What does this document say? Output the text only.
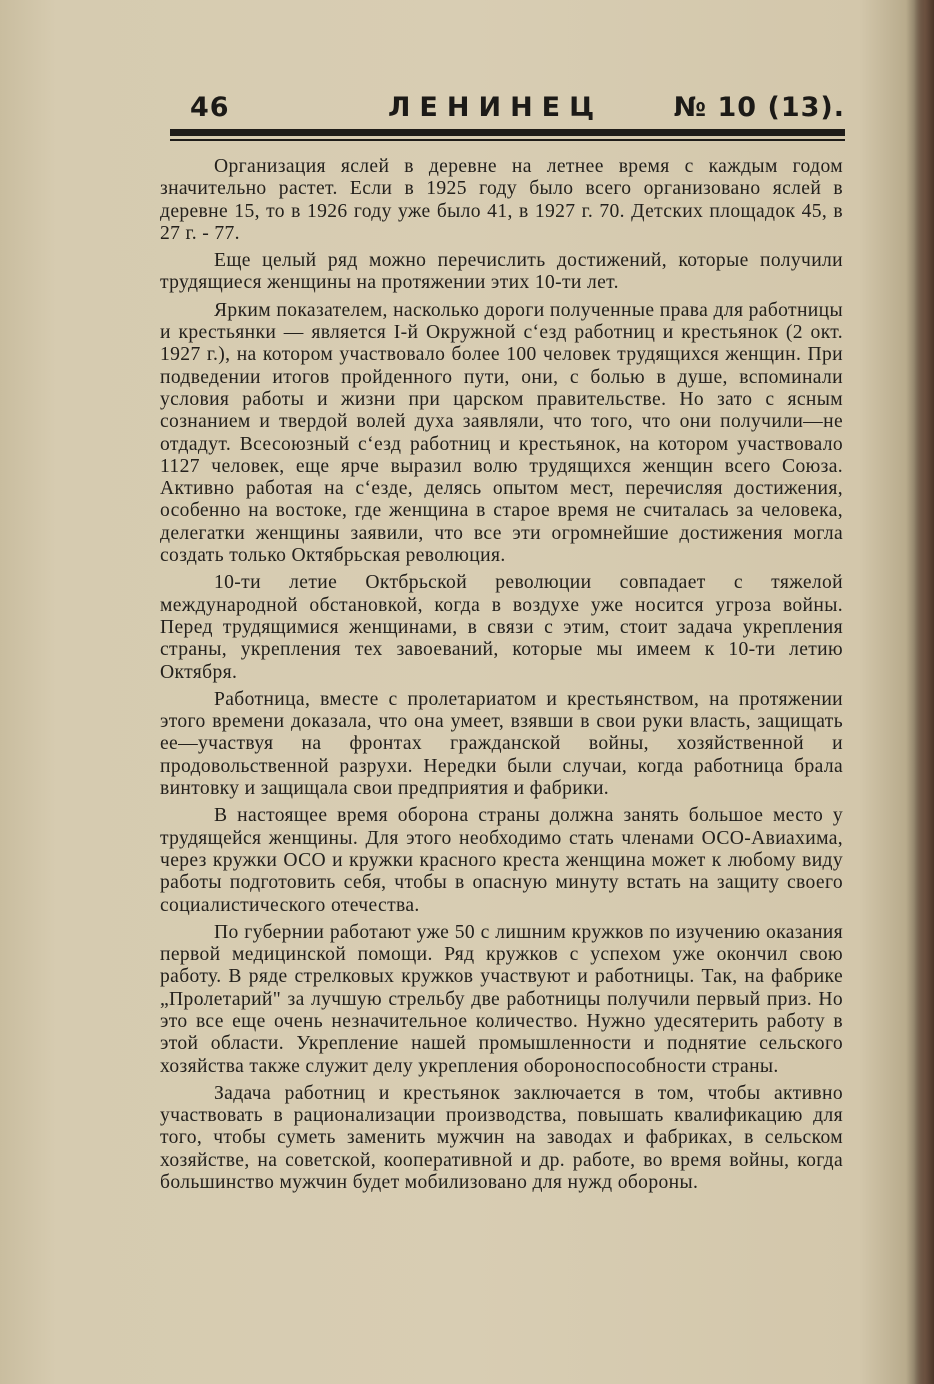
46	ЛЕНИНЕЦ	№ 10 (13).

Организация яслей в деревне на летнее время с каждым годом значительно растет. Если в 1925 году было всего организовано яслей в деревне 15, то в 1926 году уже было 41, в 1927 г. 70. Детских площадок 45, в 27 г. - 77.

Еще целый ряд можно перечислить достижений, которые получили трудящиеся женщины на протяжении этих 10-ти лет.

Ярким показателем, насколько дороги полученные права для работницы и крестьянки — является I-й Окружной сʻезд работниц и крестьянок (2 окт. 1927 г.), на котором участвовало более 100 человек трудящихся женщин. При подведении итогов пройденного пути, они, с болью в душе, вспоминали условия работы и жизни при царском правительстве. Но зато с ясным сознанием и твердой волей духа заявляли, что того, что они получили—не отдадут. Всесоюзный сʻезд работниц и крестьянок, на котором участвовало 1127 человек, еще ярче выразил волю трудящихся женщин всего Союза. Активно работая на сʻезде, делясь опытом мест, перечисляя достижения, особенно на востоке, где женщина в старое время не считалась за человека, делегатки женщины заявили, что все эти огромнейшие достижения могла создать только Октябрьская революция.

10-ти летие Октбрьской революции совпадает с тяжелой международной обстановкой, когда в воздухе уже носится угроза войны. Перед трудящимися женщинами, в связи с этим, стоит задача укрепления страны, укрепления тех завоеваний, которые мы имеем к 10-ти летию Октября.

Работница, вместе с пролетариатом и крестьянством, на протяжении этого времени доказала, что она умеет, взявши в свои руки власть, защищать ее—участвуя на фронтах гражданской войны, хозяйственной и продовольственной разрухи. Нередки были случаи, когда работница брала винтовку и защищала свои предприятия и фабрики.

В настоящее время оборона страны должна занять большое место у трудящейся женщины. Для этого необходимо стать членами ОСО-Авиахима, через кружки ОСО и кружки красного креста женщина может к любому виду работы подготовить себя, чтобы в опасную минуту встать на защиту своего социалистического отечества.

По губернии работают уже 50 с лишним кружков по изучению оказания первой медицинской помощи. Ряд кружков с успехом уже окончил свою работу. В ряде стрелковых кружков участвуют и работницы. Так, на фабрике „Пролетарий" за лучшую стрельбу две работницы получили первый приз. Но это все еще очень незначительное количество. Нужно удесятерить работу в этой области. Укрепление нашей промышленности и поднятие сельского хозяйства также служит делу укрепления обороноспособности страны.

Задача работниц и крестьянок заключается в том, чтобы активно участвовать в рационализации производства, повышать квалификацию для того, чтобы суметь заменить мужчин на заводах и фабриках, в сельском хозяйстве, на советской, кооперативной и др. работе, во время войны, когда большинство мужчин будет мобилизовано для нужд обороны.
